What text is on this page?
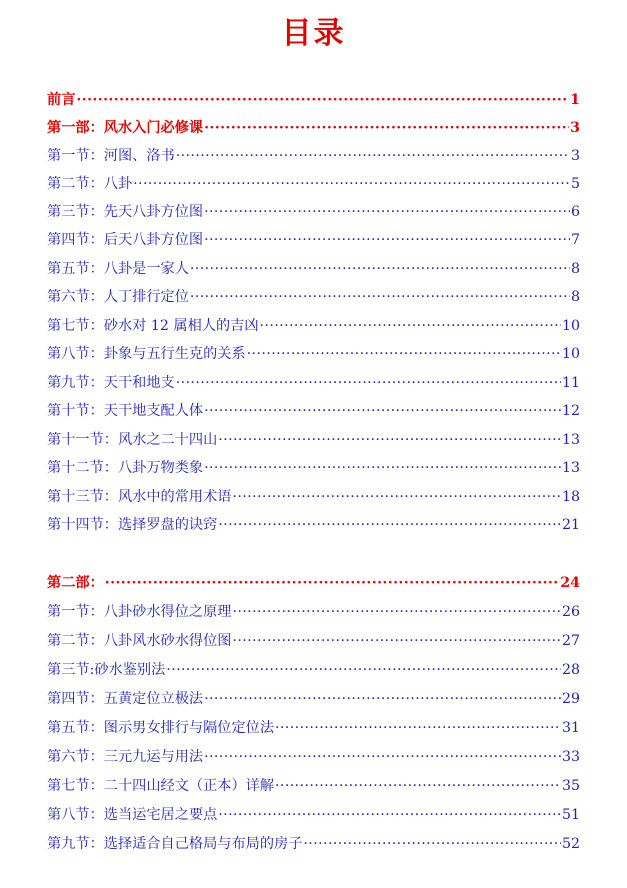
目录
前言 ·····	1
第一部：风水入门必修课 ·····	3
第一节：河图、洛书 ·····	3
第二节：八卦 ·····	5
第三节：先天八卦方位图 ·····	6
第四节：后天八卦方位图 ·····	7
第五节：八卦是一家人 ·····	8
第六节：人丁排行定位 ·····	8
第七节：砂水对 12 属相人的吉凶 ·····	10
第八节：卦象与五行生克的关系 ·····	10
第九节：天干和地支 ·····	11
第十节：天干地支配人体 ·····	12
第十一节：风水之二十四山 ·····	13
第十二节：八卦万物类象 ·····	13
第十三节：风水中的常用术语 ·····	18
第十四节：选择罗盘的诀窍 ·····	21
第二部： ·····	24
第一节：八卦砂水得位之原理 ·····	26
第二节：八卦风水砂水得位图 ·····	27
第三节:砂水鉴别法 ·····	28
第四节：五黄定位立极法 ·····	29
第五节：图示男女排行与隔位定位法 ·····	31
第六节：三元九运与用法 ·····	33
第七节：二十四山经文（正本）详解 ·····	35
第八节：选当运宅居之要点 ·····	51
第九节：选择适合自己格局与布局的房子 ·····	52
